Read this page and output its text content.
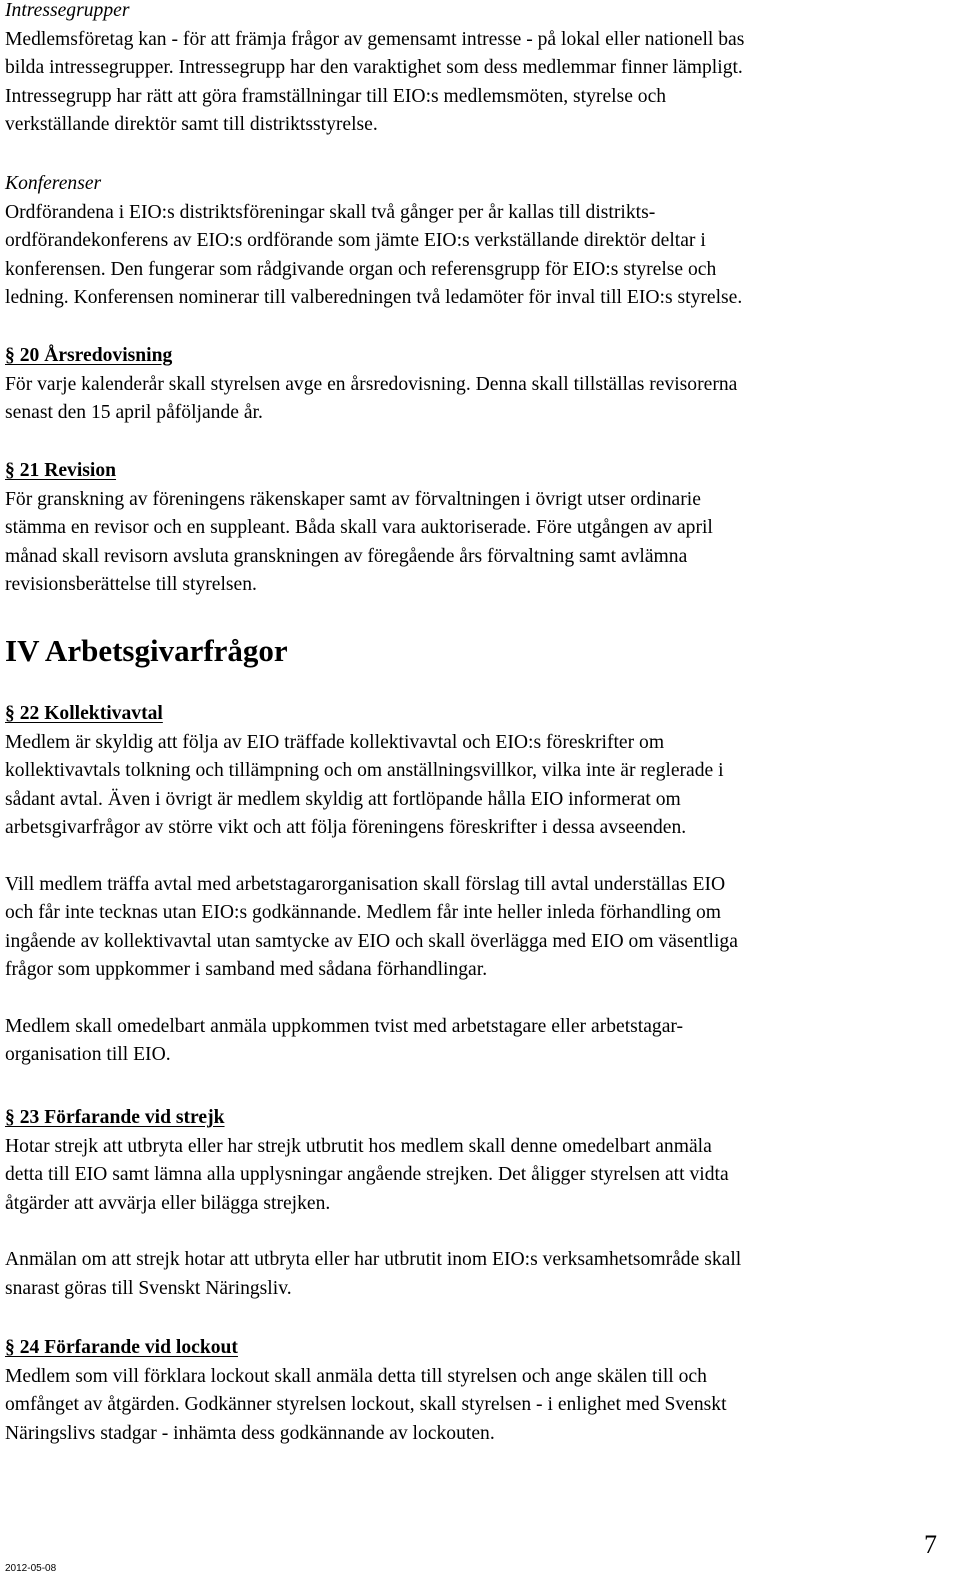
Intressegrupper

Medlemsföretag kan - för att främja frågor av gemensamt intresse - på lokal eller nationell bas

bilda intressegrupper. Intressegrupp har den varaktighet som dess medlemmar finner lämpligt.

Intressegrupp har rätt att göra framställningar till EIO:s medlemsmöten, styrelse och

verkställande direktör samt till distriktsstyrelse.

Konferenser

Ordförandena i EIO:s distriktsföreningar skall två gånger per år kallas till distrikts-

ordförandekonferens av EIO:s ordförande som jämte EIO:s verkställande direktör deltar i

konferensen. Den fungerar som rådgivande organ och referensgrupp för EIO:s styrelse och

ledning. Konferensen nominerar till valberedningen två ledamöter för inval till EIO:s styrelse.

§ 20 Årsredovisning

För varje kalenderår skall styrelsen avge en årsredovisning. Denna skall tillställas revisorerna

senast den 15 april påföljande år.

§ 21 Revision

För granskning av föreningens räkenskaper samt av förvaltningen i övrigt utser ordinarie

stämma en revisor och en suppleant. Båda skall vara auktoriserade. Före utgången av april

månad skall revisorn avsluta granskningen av föregående års förvaltning samt avlämna

revisionsberättelse till styrelsen.

IV Arbetsgivarfrågor

§ 22 Kollektivavtal

Medlem är skyldig att följa av EIO träffade kollektivavtal och EIO:s föreskrifter om

kollektivavtals tolkning och tillämpning och om anställningsvillkor, vilka inte är reglerade i

sådant avtal. Även i övrigt är medlem skyldig att fortlöpande hålla EIO informerat om

arbetsgivarfrågor av större vikt och att följa föreningens föreskrifter i dessa avseenden.

Vill medlem träffa avtal med arbetstagarorganisation skall förslag till avtal underställas EIO

och får inte tecknas utan EIO:s godkännande. Medlem får inte heller inleda förhandling om

ingående av kollektivavtal utan samtycke av EIO och skall överlägga med EIO om väsentliga

frågor som uppkommer i samband med sådana förhandlingar.

Medlem skall omedelbart anmäla uppkommen tvist med arbetstagare eller arbetstagar-

organisation till EIO.

§ 23 Förfarande vid strejk

Hotar strejk att utbryta eller har strejk utbrutit hos medlem skall denne omedelbart anmäla

detta till EIO samt lämna alla upplysningar angående strejken. Det åligger styrelsen att vidta

åtgärder att avvärja eller bilägga strejken.

Anmälan om att strejk hotar att utbryta eller har utbrutit inom EIO:s verksamhetsområde skall

snarast göras till Svenskt Näringsliv.

§ 24 Förfarande vid lockout

Medlem som vill förklara lockout skall anmäla detta till styrelsen och ange skälen till och

omfånget av åtgärden. Godkänner styrelsen lockout, skall styrelsen - i enlighet med Svenskt

Näringslivs stadgar - inhämta dess godkännande av lockouten.

2012-05-08
7
